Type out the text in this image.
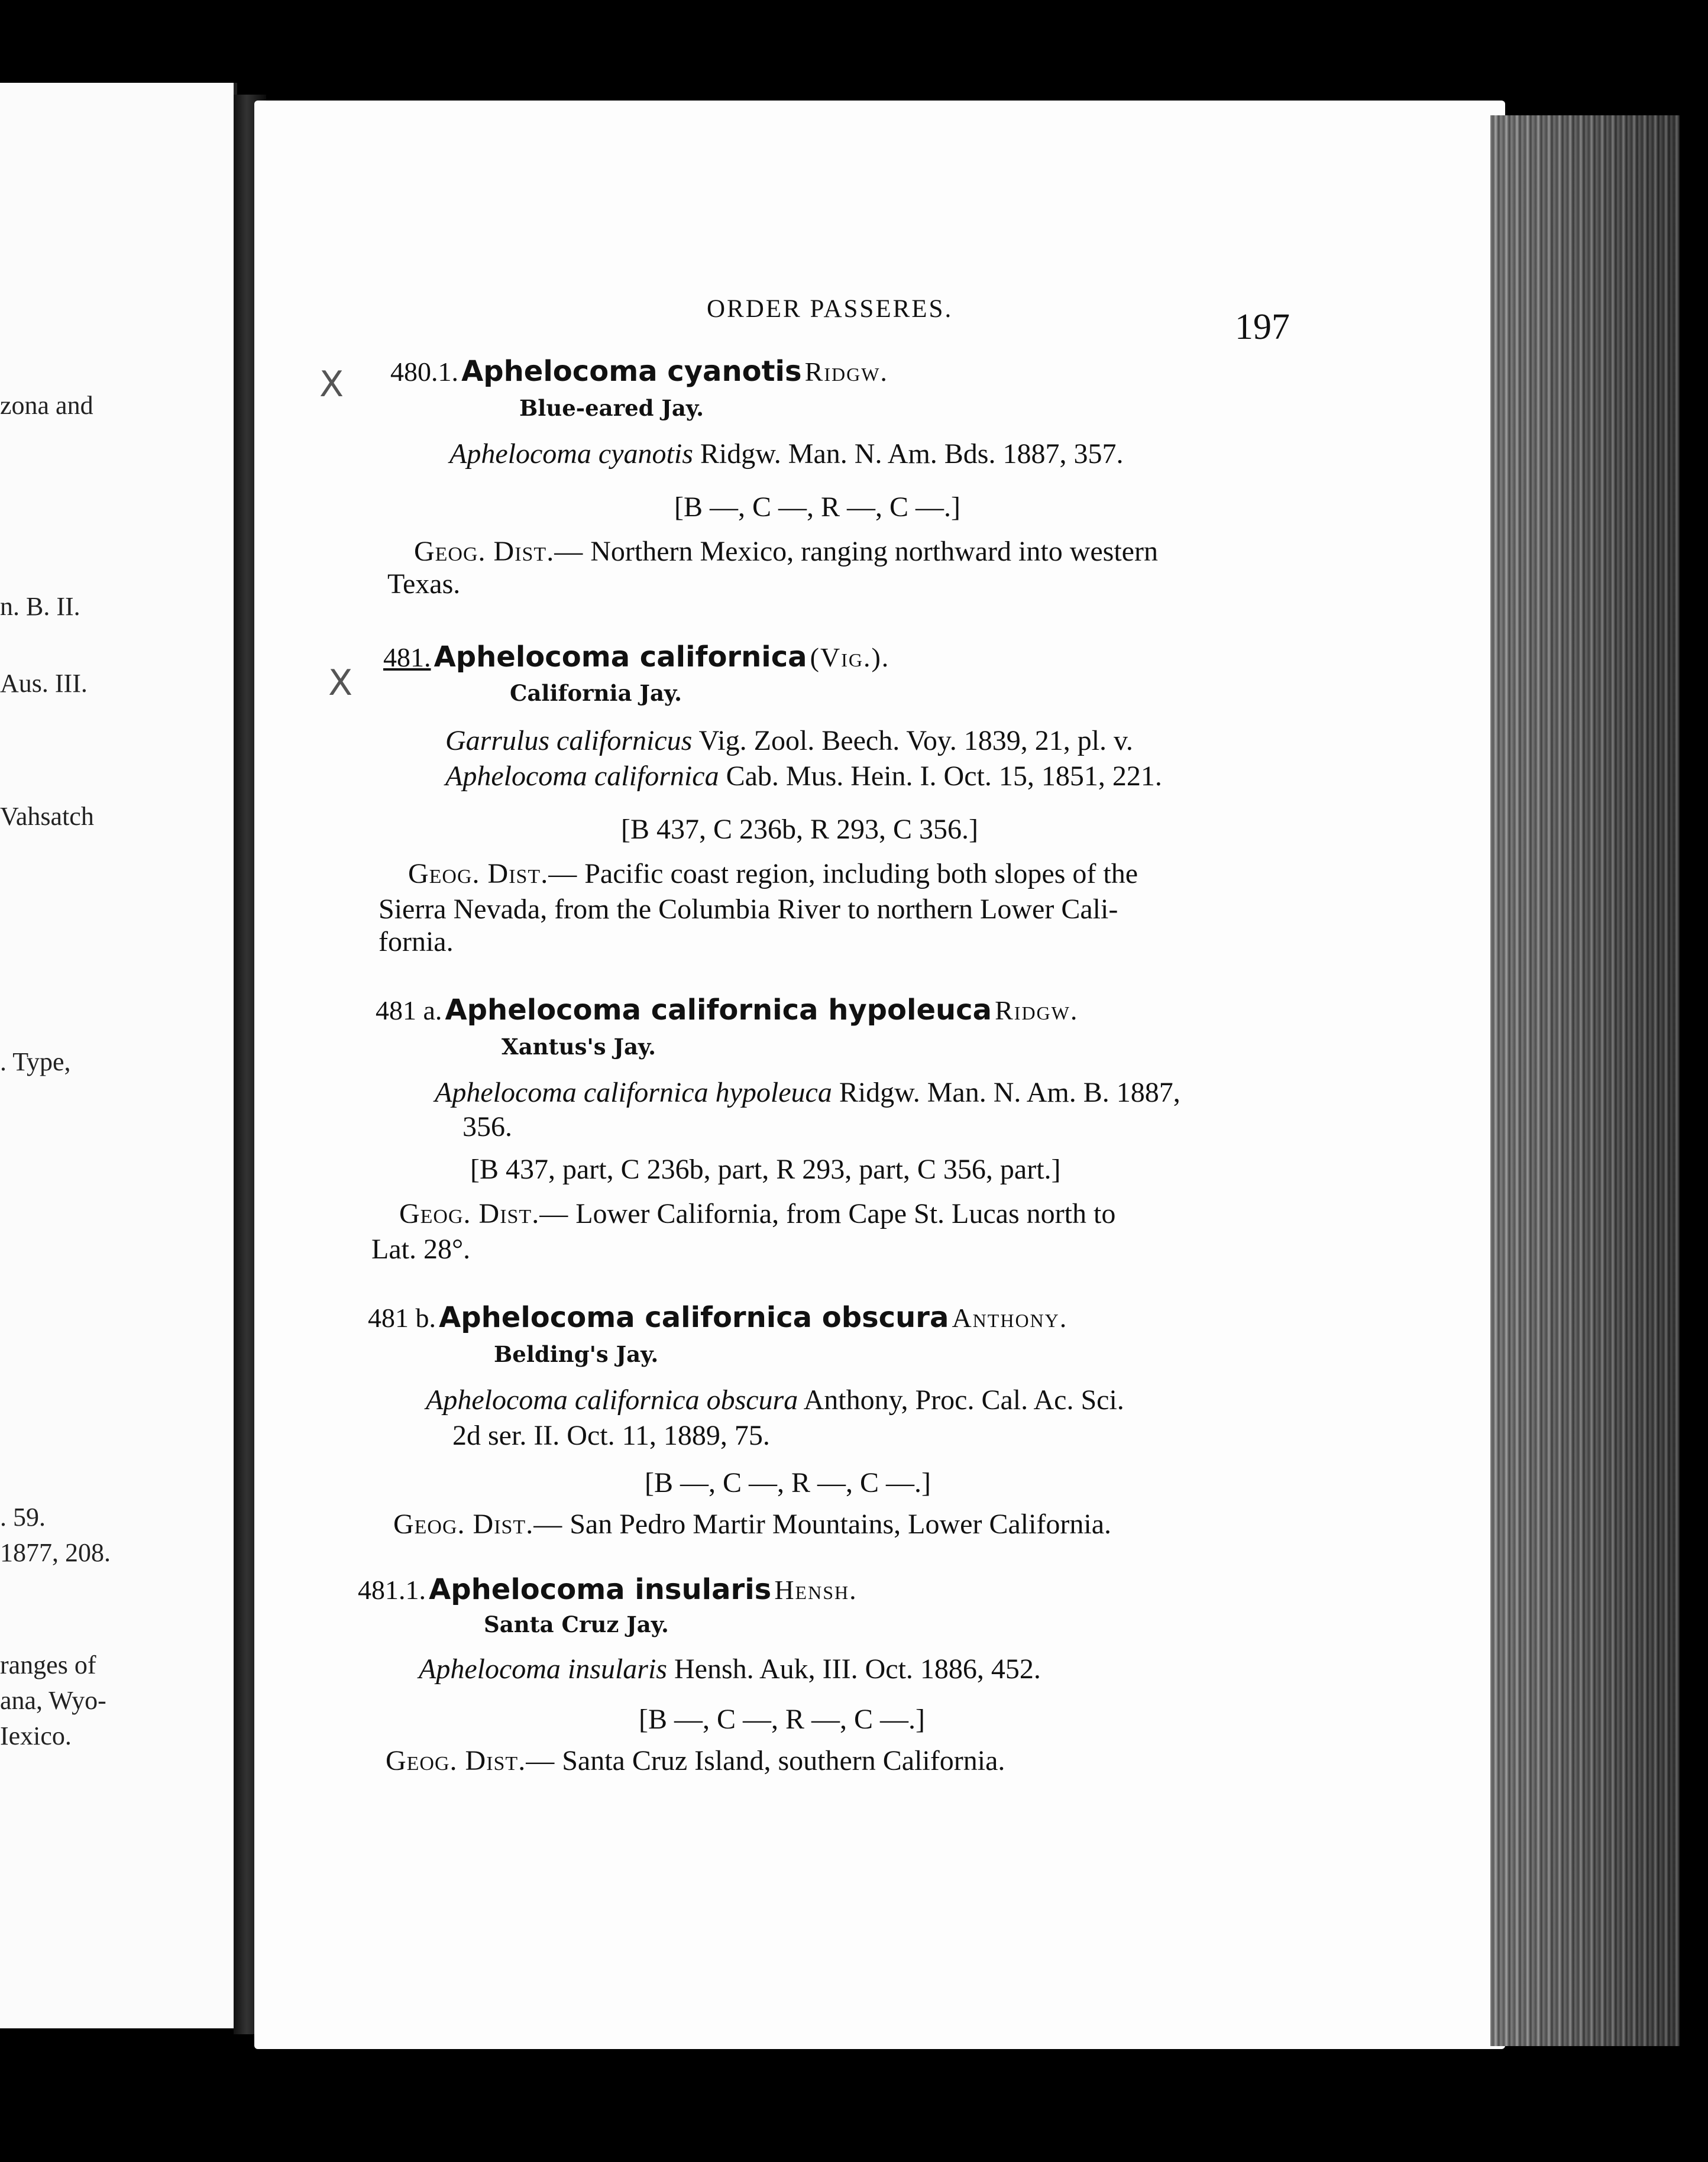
zona and
n. B. II.
Aus. III.
Vahsatch
. Type,
. 59.
1877, 208.
ranges of
ana, Wyo-
Iexico.
ORDER PASSERES.	197
X 480.1. Aphelocoma cyanotis Ridgw.
Blue-eared Jay.
Aphelocoma cyanotis Ridgw. Man. N. Am. Bds. 1887, 357.
[B —, C —, R —, C —.]
Geog. Dist.— Northern Mexico, ranging northward into western
Texas.
X
481. Aphelocoma californica (Vig.).
California Jay.
Garrulus californicus Vig. Zool. Beech. Voy. 1839, 21, pl. v.
Aphelocoma californica Cab. Mus. Hein. I. Oct. 15, 1851, 221.
[B 437, C 236b, R 293, C 356.]
Geog. Dist.— Pacific coast region, including both slopes of the
Sierra Nevada, from the Columbia River to northern Lower Cali-
fornia.
481 a. Aphelocoma californica hypoleuca Ridgw.
Xantus's Jay.
Aphelocoma californica hypoleuca Ridgw. Man. N. Am. B. 1887,
356.
[B 437, part, C 236b, part, R 293, part, C 356, part.]
Geog. Dist.— Lower California, from Cape St. Lucas north to
Lat. 28°.
481 b. Aphelocoma californica obscura Anthony.
Belding's Jay.
Aphelocoma californica obscura Anthony, Proc. Cal. Ac. Sci.
2d ser. II. Oct. 11, 1889, 75.
[B —, C —, R —, C —.]
Geog. Dist.— San Pedro Martir Mountains, Lower California.
481.1. Aphelocoma insularis Hensh.
Santa Cruz Jay.
Aphelocoma insularis Hensh. Auk, III. Oct. 1886, 452.
[B —, C —, R —, C —.]
Geog. Dist.— Santa Cruz Island, southern California.
